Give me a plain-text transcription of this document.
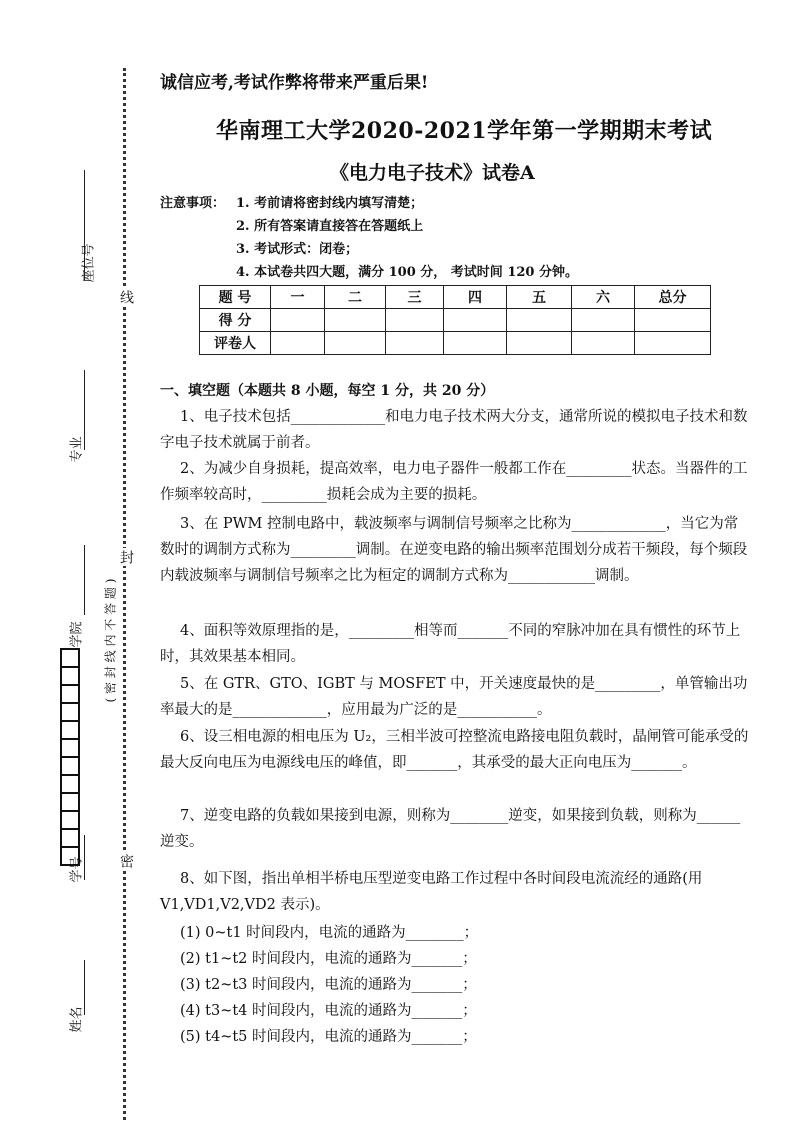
线
封
密
座位号
专业
学院 ( 密 封 线 内 不 答 题 )
学号
姓名
诚信应考,考试作弊将带来严重后果!
华南理工大学2020-2021学年第一学期期末考试
《电力电子技术》试卷A
注意事项： 1. 考前请将密封线内填写清楚；
2. 所有答案请直接答在答题纸上
3. 考试形式：闭卷；
4. 本试卷共四大题，满分 100 分， 考试时间 120 分钟。
题 号	一	二	三	四	五	六	总分
得 分							
评卷人							
一、填空题（本题共 8 小题，每空 1 分，共 20 分）
1、电子技术包括_____________和电力电子技术两大分支，通常所说的模拟电子技术和数字电子技术就属于前者。
2、为减少自身损耗，提高效率，电力电子器件一般都工作在_________状态。当器件的工作频率较高时，_________损耗会成为主要的损耗。
3、在 PWM 控制电路中，载波频率与调制信号频率之比称为_____________，当它为常数时的调制方式称为_________调制。在逆变电路的输出频率范围划分成若干频段，每个频段内载波频率与调制信号频率之比为桓定的调制方式称为____________调制。
4、面积等效原理指的是，_________相等而_______不同的窄脉冲加在具有惯性的环节上时，其效果基本相同。
5、在 GTR、GTO、IGBT 与 MOSFET 中，开关速度最快的是_________，单管输出功率最大的是_____________，应用最为广泛的是___________。
6、设三相电源的相电压为 U₂，三相半波可控整流电路接电阻负载时，晶闸管可能承受的最大反向电压为电源线电压的峰值，即_______，其承受的最大正向电压为_______。
7、逆变电路的负载如果接到电源，则称为________逆变，如果接到负载，则称为______逆变。
8、如下图，指出单相半桥电压型逆变电路工作过程中各时间段电流流经的通路(用 V1,VD1,V2,VD2 表示)。
(1) 0~t1 时间段内，电流的通路为________；
(2) t1~t2 时间段内，电流的通路为_______；
(3) t2~t3 时间段内，电流的通路为_______；
(4) t3~t4 时间段内，电流的通路为_______；
(5) t4~t5 时间段内，电流的通路为_______；
